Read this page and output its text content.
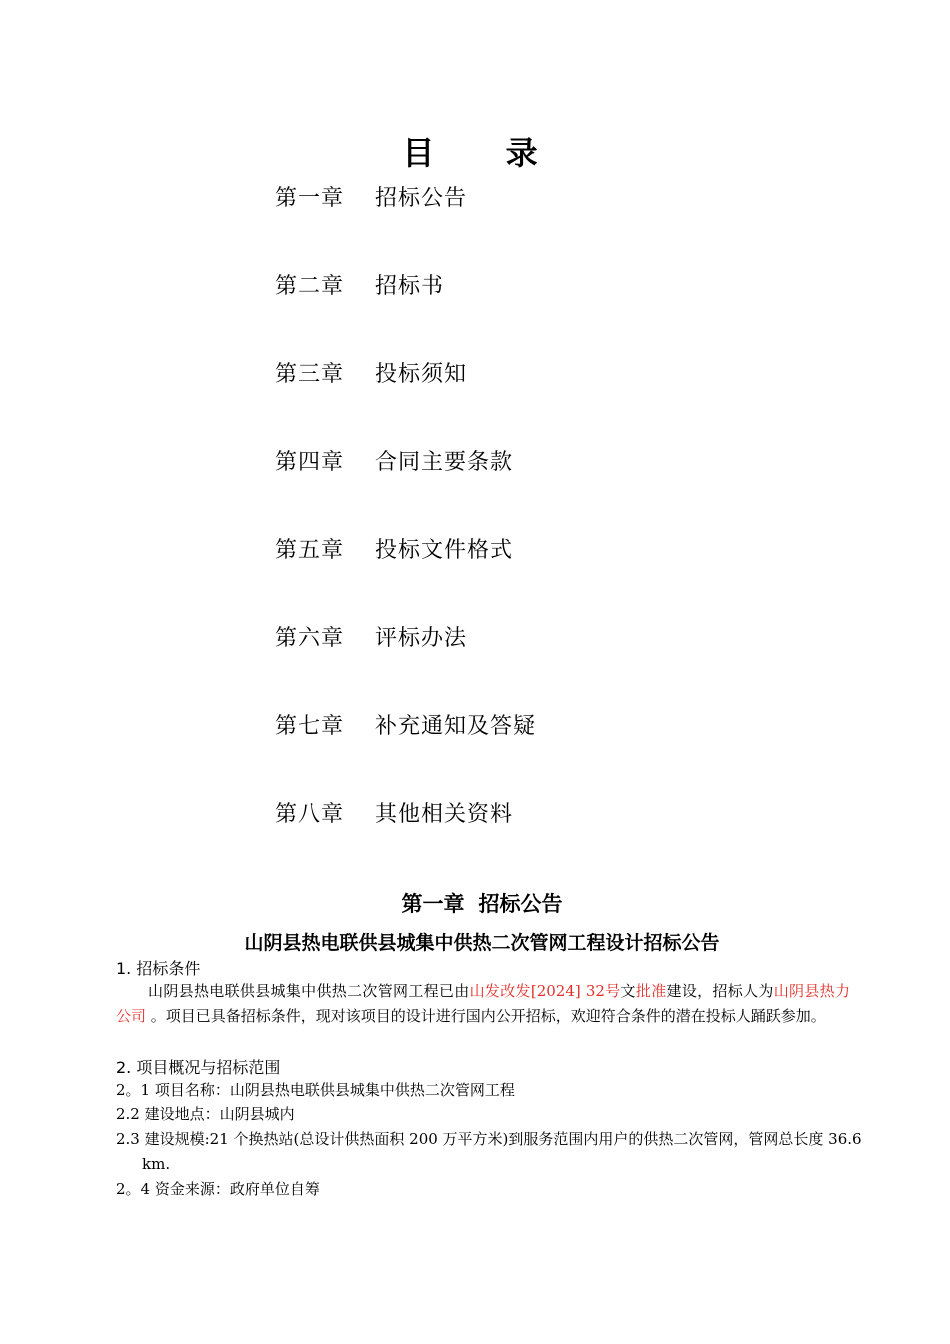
目 录
第一章 招标公告
第二章 招标书
第三章 投标须知
第四章 合同主要条款
第五章 投标文件格式
第六章 评标办法
第七章 补充通知及答疑
第八章 其他相关资料
第一章 招标公告
山阴县热电联供县城集中供热二次管网工程设计招标公告
1. 招标条件
山阴县热电联供县城集中供热二次管网工程已由山发改发[2024] 32号文批准建设，招标人为山阴县热力公司 。项目已具备招标条件，现对该项目的设计进行国内公开招标，欢迎符合条件的潜在投标人踊跃参加。
2. 项目概况与招标范围
2。1 项目名称：山阴县热电联供县城集中供热二次管网工程
2.2 建设地点：山阴县城内
2.3 建设规模:21 个换热站(总设计供热面积 200 万平方米)到服务范围内用户的供热二次管网，管网总长度 36.6 km.
2。4 资金来源：政府单位自筹
